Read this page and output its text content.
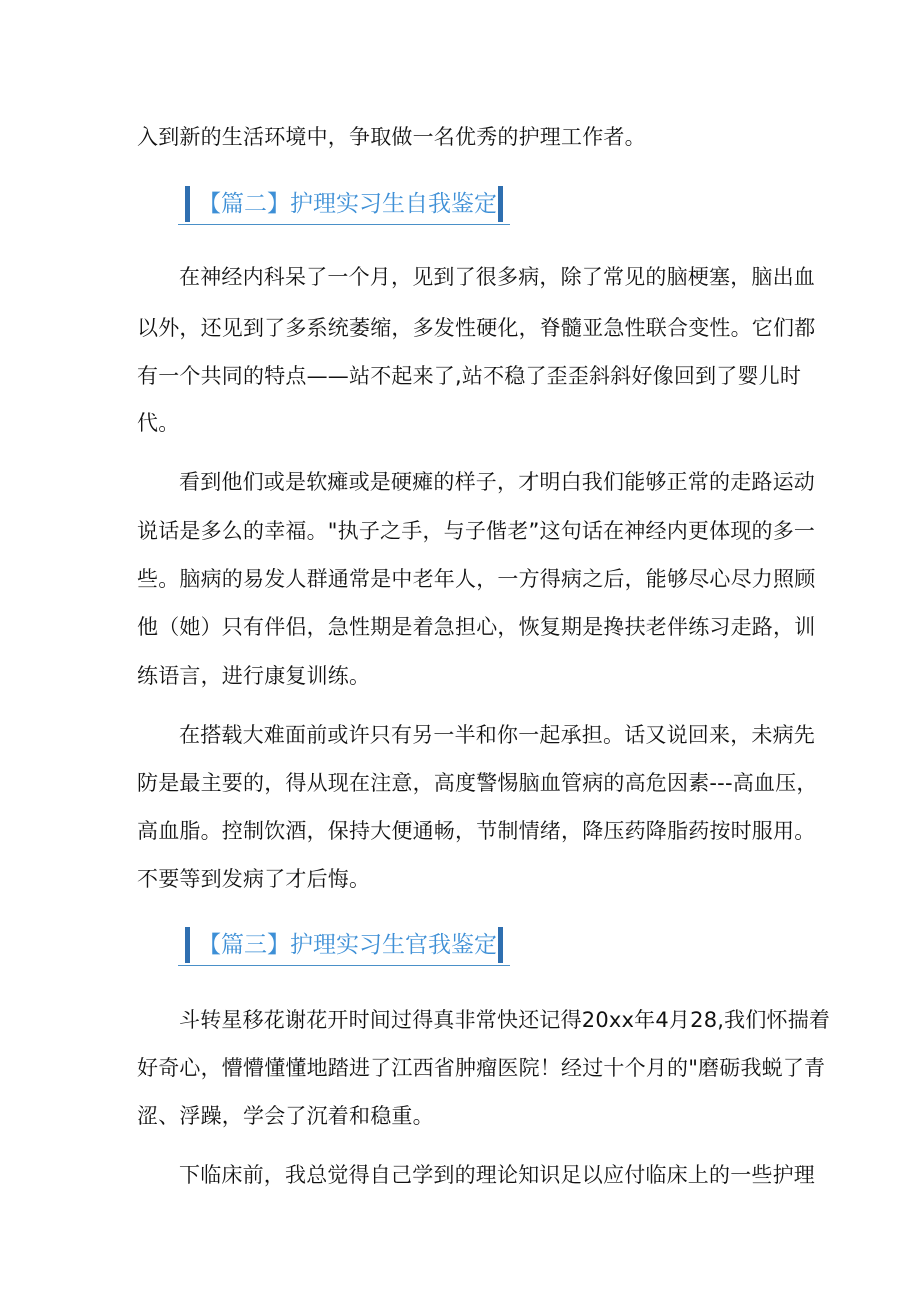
入到新的生活环境中，争取做一名优秀的护理工作者。
【篇二】护理实习生自我鉴定
在神经内科呆了一个月，见到了很多病，除了常见的脑梗塞，脑出血
以外，还见到了多系统萎缩，多发性硬化，脊髓亚急性联合变性。它们都
有一个共同的特点——站不起来了,站不稳了歪歪斜斜好像回到了婴儿时
代。
看到他们或是软瘫或是硬瘫的样子，才明白我们能够正常的走路运动
说话是多么的幸福。"执子之手，与子偕老”这句话在神经内更体现的多一
些。脑病的易发人群通常是中老年人，一方得病之后，能够尽心尽力照顾
他（她）只有伴侣，急性期是着急担心，恢复期是搀扶老伴练习走路，训
练语言，进行康复训练。
在搭载大难面前或许只有另一半和你一起承担。话又说回来，未病先
防是最主要的，得从现在注意，高度警惕脑血管病的高危因素---高血压，
高血脂。控制饮酒，保持大便通畅，节制情绪，降压药降脂药按时服用。
不要等到发病了才后悔。
【篇三】护理实习生官我鉴定
斗转星移花谢花开时间过得真非常快还记得20xx年4月28,我们怀揣着
好奇心，懵懵懂懂地踏进了江西省肿瘤医院！经过十个月的"磨砺我蜕了青
涩、浮躁，学会了沉着和稳重。
下临床前，我总觉得自己学到的理论知识足以应付临床上的一些护理
